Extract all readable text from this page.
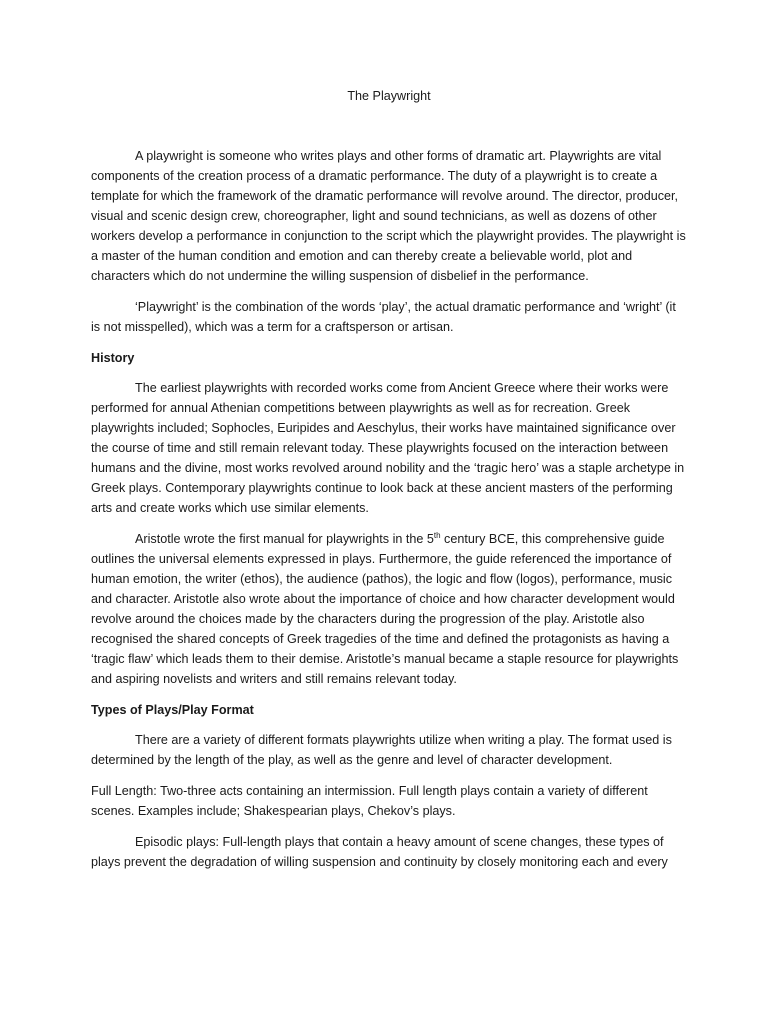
The Playwright

A playwright is someone who writes plays and other forms of dramatic art. Playwrights are vital components of the creation process of a dramatic performance. The duty of a playwright is to create a template for which the framework of the dramatic performance will revolve around. The director, producer, visual and scenic design crew, choreographer, light and sound technicians, as well as dozens of other workers develop a performance in conjunction to the script which the playwright provides. The playwright is a master of the human condition and emotion and can thereby create a believable world, plot and characters which do not undermine the willing suspension of disbelief in the performance.

‘Playwright’ is the combination of the words ‘play’, the actual dramatic performance and ‘wright’ (it is not misspelled), which was a term for a craftsperson or artisan.

History

The earliest playwrights with recorded works come from Ancient Greece where their works were performed for annual Athenian competitions between playwrights as well as for recreation. Greek playwrights included; Sophocles, Euripides and Aeschylus, their works have maintained significance over the course of time and still remain relevant today. These playwrights focused on the interaction between humans and the divine, most works revolved around nobility and the ‘tragic hero’ was a staple archetype in Greek plays. Contemporary playwrights continue to look back at these ancient masters of the performing arts and create works which use similar elements.

Aristotle wrote the first manual for playwrights in the 5th century BCE, this comprehensive guide outlines the universal elements expressed in plays. Furthermore, the guide referenced the importance of human emotion, the writer (ethos), the audience (pathos), the logic and flow (logos), performance, music and character. Aristotle also wrote about the importance of choice and how character development would revolve around the choices made by the characters during the progression of the play. Aristotle also recognised the shared concepts of Greek tragedies of the time and defined the protagonists as having a ‘tragic flaw’ which leads them to their demise. Aristotle’s manual became a staple resource for playwrights and aspiring novelists and writers and still remains relevant today.

Types of Plays/Play Format

There are a variety of different formats playwrights utilize when writing a play. The format used is determined by the length of the play, as well as the genre and level of character development.

Full Length: Two-three acts containing an intermission. Full length plays contain a variety of different scenes. Examples include; Shakespearian plays, Chekov’s plays.

Episodic plays: Full-length plays that contain a heavy amount of scene changes, these types of plays prevent the degradation of willing suspension and continuity by closely monitoring each and every
